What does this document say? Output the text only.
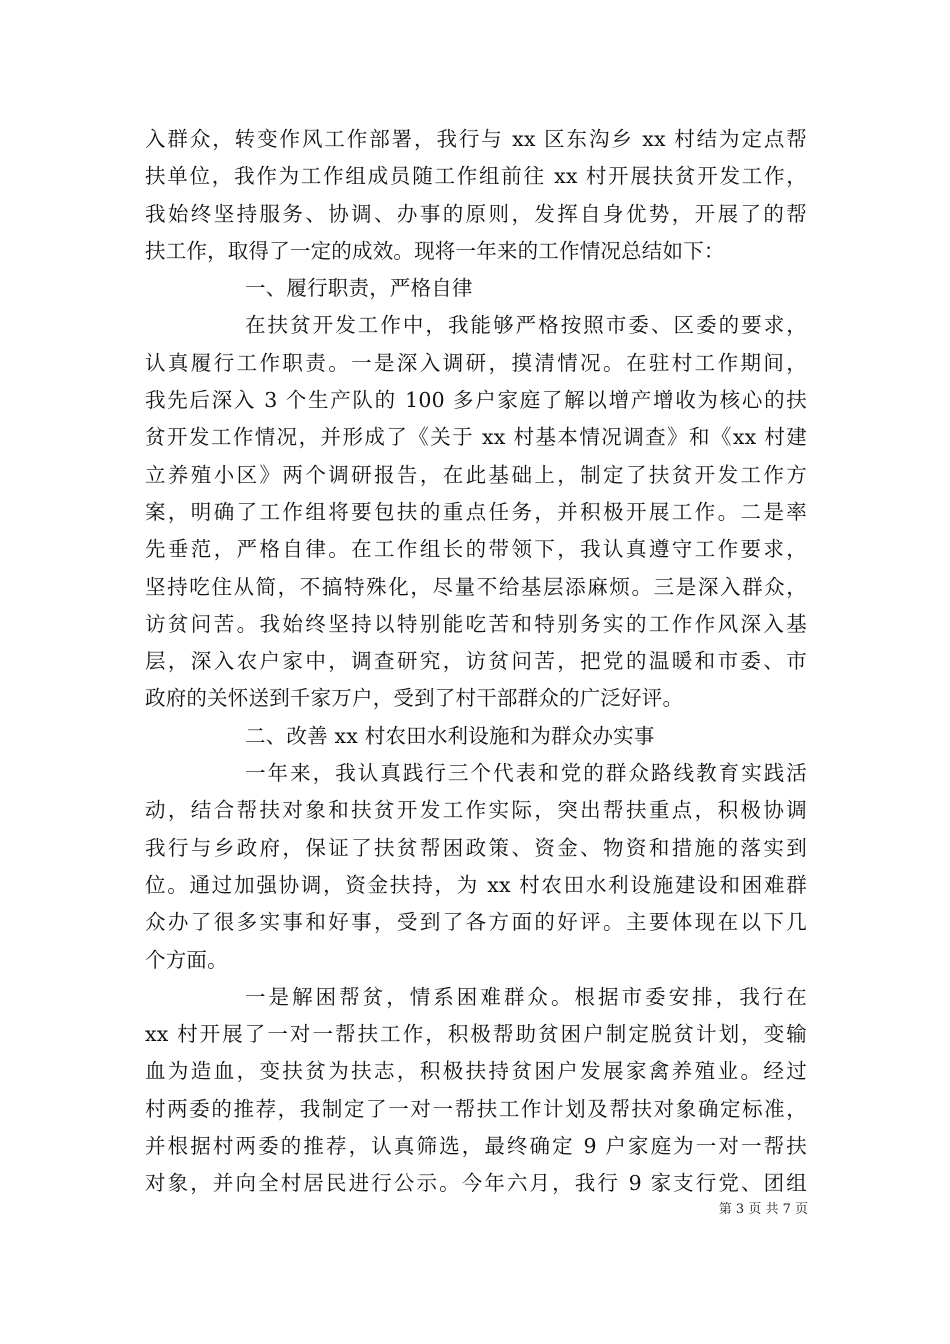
入群众，转变作风工作部署，我行与 xx 区东沟乡 xx 村结为定点帮
扶单位，我作为工作组成员随工作组前往 xx 村开展扶贫开发工作，
我始终坚持服务、协调、办事的原则，发挥自身优势，开展了的帮
扶工作，取得了一定的成效。现将一年来的工作情况总结如下：
一、履行职责，严格自律
在扶贫开发工作中，我能够严格按照市委、区委的要求，
认真履行工作职责。一是深入调研，摸清情况。在驻村工作期间，
我先后深入 3 个生产队的 100 多户家庭了解以增产增收为核心的扶
贫开发工作情况，并形成了《关于 xx 村基本情况调查》和《xx 村建
立养殖小区》两个调研报告，在此基础上，制定了扶贫开发工作方
案，明确了工作组将要包扶的重点任务，并积极开展工作。二是率
先垂范，严格自律。在工作组长的带领下，我认真遵守工作要求，
坚持吃住从简，不搞特殊化，尽量不给基层添麻烦。三是深入群众，
访贫问苦。我始终坚持以特别能吃苦和特别务实的工作作风深入基
层，深入农户家中，调查研究，访贫问苦，把党的温暖和市委、市
政府的关怀送到千家万户，受到了村干部群众的广泛好评。
二、改善 xx 村农田水利设施和为群众办实事
一年来，我认真践行三个代表和党的群众路线教育实践活
动，结合帮扶对象和扶贫开发工作实际，突出帮扶重点，积极协调
我行与乡政府，保证了扶贫帮困政策、资金、物资和措施的落实到
位。通过加强协调，资金扶持，为 xx 村农田水利设施建设和困难群
众办了很多实事和好事，受到了各方面的好评。主要体现在以下几
个方面。
一是解困帮贫，情系困难群众。根据市委安排，我行在
xx 村开展了一对一帮扶工作，积极帮助贫困户制定脱贫计划，变输
血为造血，变扶贫为扶志，积极扶持贫困户发展家禽养殖业。经过
村两委的推荐，我制定了一对一帮扶工作计划及帮扶对象确定标准，
并根据村两委的推荐，认真筛选，最终确定 9 户家庭为一对一帮扶
对象，并向全村居民进行公示。今年六月，我行 9 家支行党、团组
第 3 页 共 7 页
